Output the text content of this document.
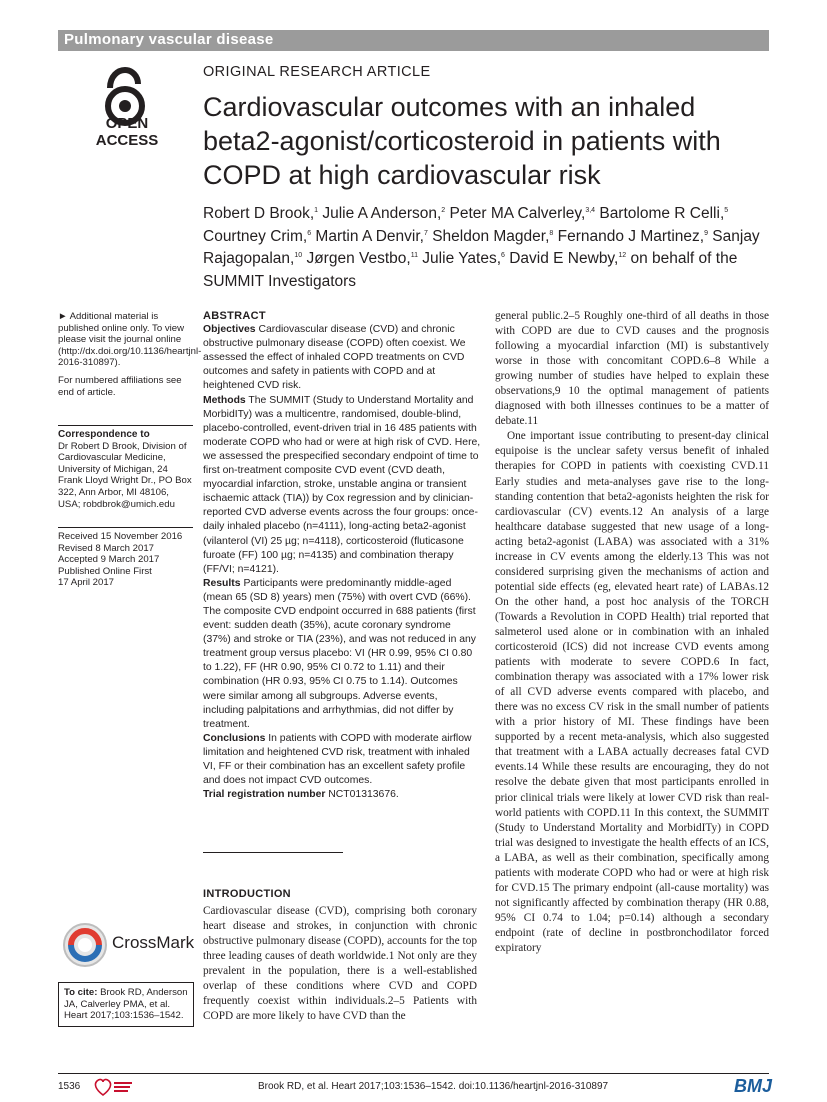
Pulmonary vascular disease
OPEN ACCESS
ORIGINAL RESEARCH ARTICLE
Cardiovascular outcomes with an inhaled beta2-agonist/corticosteroid in patients with COPD at high cardiovascular risk
Robert D Brook,$^1$ Julie A Anderson,$^2$ Peter MA Calverley,$^{3,4}$ Bartolome R Celli,$^5$ Courtney Crim,$^6$ Martin A Denvir,$^7$ Sheldon Magder,$^8$ Fernando J Martinez,$^9$ Sanjay Rajagopalan,$^{10}$ Jørgen Vestbo,$^{11}$ Julie Yates,$^6$ David E Newby,$^{12}$ on behalf of the SUMMIT Investigators

► Additional material is published online only. To view please visit the journal online (http://dx.doi.org/10.1136/heartjnl-2016-310897).

For numbered affiliations see end of article.

Correspondence to

Dr Robert D Brook, Division of Cardiovascular Medicine, University of Michigan, 24 Frank Lloyd Wright Dr., PO Box 322, Ann Arbor, MI 48106, USA; robdbrok@umich.edu

Received 15 November 2016
Revised 8 March 2017
Accepted 9 March 2017
Published Online First
17 April 2017
ABSTRACT

Objectives Cardiovascular disease (CVD) and chronic obstructive pulmonary disease (COPD) often coexist. We assessed the effect of inhaled COPD treatments on CVD outcomes and safety in patients with COPD and at heightened CVD risk.

Methods The SUMMIT (Study to Understand Mortality and MorbidITy) was a multicentre, randomised, double-blind, placebo-controlled, event-driven trial in 16 485 patients with moderate COPD who had or were at high risk of CVD. Here, we assessed the prespecified secondary endpoint of time to first on-treatment composite CVD event (CVD death, myocardial infarction, stroke, unstable angina or transient ischaemic attack (TIA)) by Cox regression and by clinician-reported CVD adverse events across the four groups: once-daily inhaled placebo (n=4111), long-acting beta2-agonist (vilanterol (VI) 25 µg; n=4118), corticosteroid (fluticasone furoate (FF) 100 µg; n=4135) and combination therapy (FF/VI; n=4121).

Results Participants were predominantly middle-aged (mean 65 (SD 8) years) men (75%) with overt CVD (66%). The composite CVD endpoint occurred in 688 patients (first event: sudden death (35%), acute coronary syndrome (37%) and stroke or TIA (23%), and was not reduced in any treatment group versus placebo: VI (HR 0.99, 95% CI 0.80 to 1.22), FF (HR 0.90, 95% CI 0.72 to 1.11) and their combination (HR 0.93, 95% CI 0.75 to 1.14). Outcomes were similar among all subgroups. Adverse events, including palpitations and arrhythmias, did not differ by treatment.

Conclusions In patients with COPD with moderate airflow limitation and heightened CVD risk, treatment with inhaled VI, FF or their combination has an excellent safety profile and does not impact CVD outcomes.

Trial registration number NCT01313676.

INTRODUCTION
Cardiovascular disease (CVD), comprising both coronary heart disease and strokes, in conjunction with chronic obstructive pulmonary disease (COPD), accounts for the top three leading causes of death worldwide.1 Not only are they prevalent in the population, there is a well-established overlap of these conditions where CVD and COPD frequently coexist within individuals.2–5 Patients with COPD are more likely to have CVD than the

general public.2–5 Roughly one-third of all deaths in those with COPD are due to CVD causes and the prognosis following a myocardial infarction (MI) is substantively worse in those with concomitant COPD.6–8 While a growing number of studies have helped to explain these observations,9 10 the optimal management of patients diagnosed with both illnesses continues to be a matter of debate.11

One important issue contributing to present-day clinical equipoise is the unclear safety versus benefit of inhaled therapies for COPD in patients with coexisting CVD.11 Early studies and meta-analyses gave rise to the long-standing contention that beta2-agonists heighten the risk for cardiovascular (CV) events.12 An analysis of a large healthcare database suggested that new usage of a long-acting beta2-agonist (LABA) was associated with a 31% increase in CV events among the elderly.13 This was not considered surprising given the mechanisms of action and potential side effects (eg, elevated heart rate) of LABAs.12 On the other hand, a post hoc analysis of the TORCH (Towards a Revolution in COPD Health) trial reported that salmeterol used alone or in combination with an inhaled corticosteroid (ICS) did not increase CVD events among patients with moderate to severe COPD.6 In fact, combination therapy was associated with a 17% lower risk of all CVD adverse events compared with placebo, and there was no excess CV risk in the small number of patients with a prior history of MI. These findings have been supported by a recent meta-analysis, which also suggested that treatment with a LABA actually decreases fatal CVD events.14 While these results are encouraging, they do not resolve the debate given that most participants enrolled in prior clinical trials were likely at lower CVD risk than real-world patients with COPD.11 In this context, the SUMMIT (Study to Understand Mortality and MorbidITy) in COPD trial was designed to investigate the health effects of an ICS, a LABA, as well as their combination, specifically among patients with moderate COPD who had or were at high risk for CVD.15 The primary endpoint (all-cause mortality) was not significantly affected by combination therapy (HR 0.88, 95% CI 0.74 to 1.04; p=0.14) although a secondary endpoint (rate of decline in postbronchodilator forced expiratory

CrossMark
To cite: Brook RD, Anderson JA, Calverley PMA, et al. Heart 2017;103:1536–1542.
1536	Brook RD, et al. Heart 2017;103:1536–1542. doi:10.1136/heartjnl-2016-310897	BMJ
